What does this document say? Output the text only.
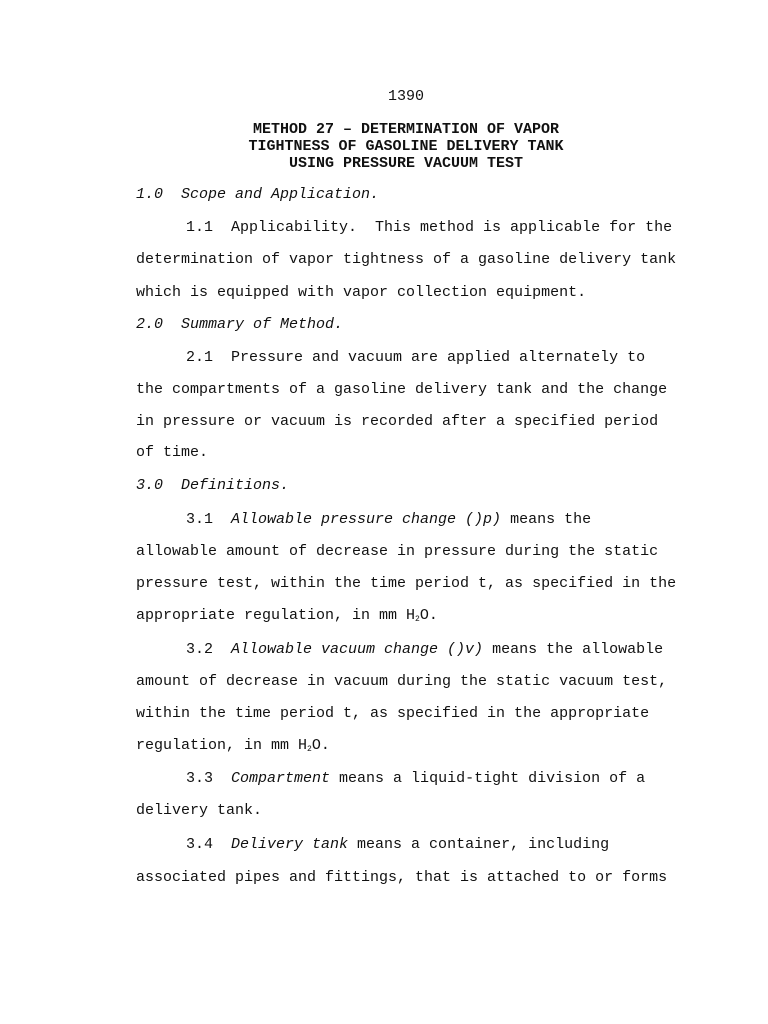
1390
METHOD 27 – DETERMINATION OF VAPOR
TIGHTNESS OF GASOLINE DELIVERY TANK
USING PRESSURE VACUUM TEST
1.0  Scope and Application.
1.1  Applicability.  This method is applicable for the
determination of vapor tightness of a gasoline delivery tank
which is equipped with vapor collection equipment.
2.0  Summary of Method.
2.1  Pressure and vacuum are applied alternately to
the compartments of a gasoline delivery tank and the change
in pressure or vacuum is recorded after a specified period
of time.
3.0  Definitions.
3.1  Allowable pressure change ()p) means the
allowable amount of decrease in pressure during the static
pressure test, within the time period t, as specified in the
appropriate regulation, in mm $H_2O$.
3.2  Allowable vacuum change ()v) means the allowable
amount of decrease in vacuum during the static vacuum test,
within the time period t, as specified in the appropriate
regulation, in mm $H_2O$.
3.3  Compartment means a liquid-tight division of a
delivery tank.
3.4  Delivery tank means a container, including
associated pipes and fittings, that is attached to or forms
